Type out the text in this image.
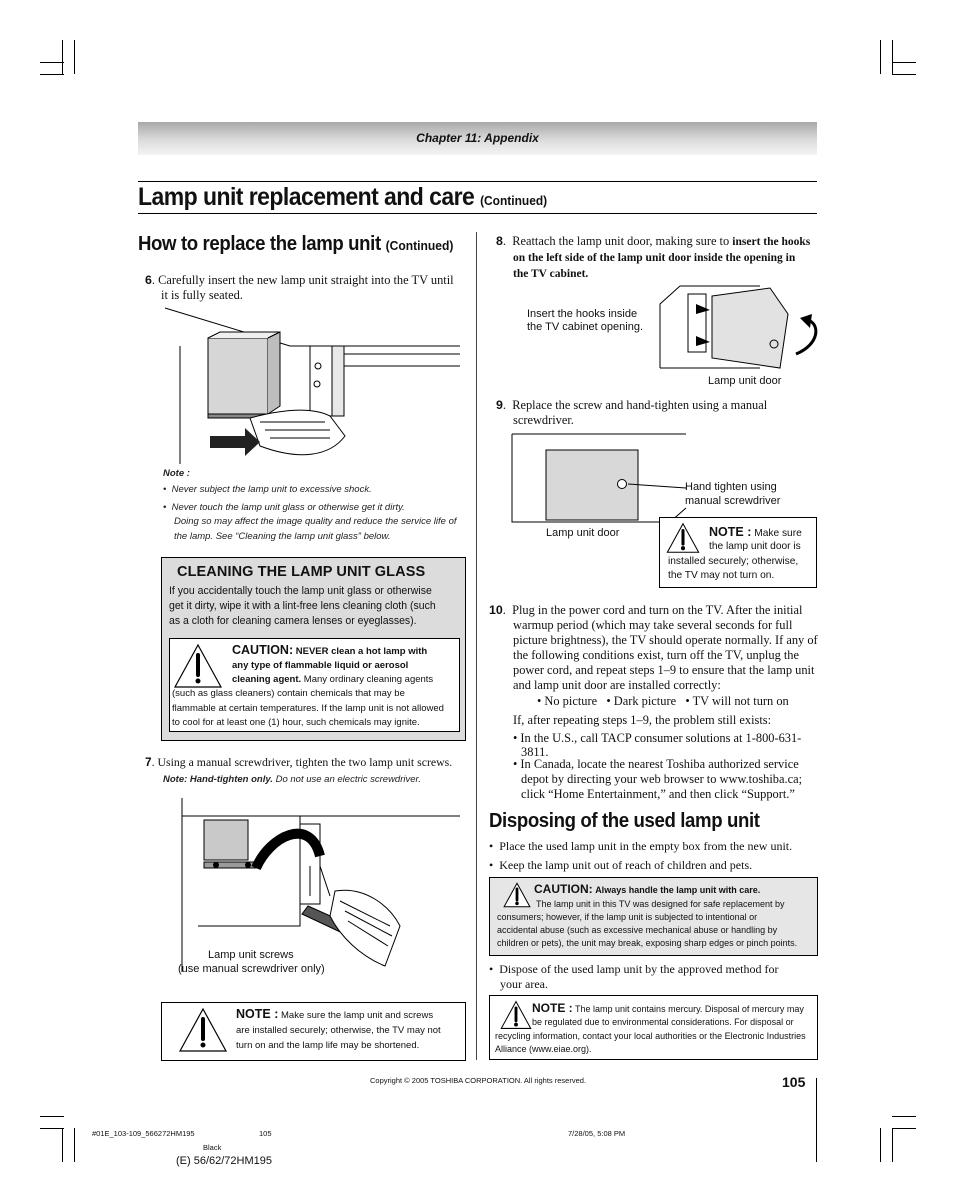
Chapter 11: Appendix
Lamp unit replacement and care (Continued)
How to replace the lamp unit (Continued)
6. Carefully insert the new lamp unit straight into the TV until
it is fully seated.
Note :
•  Never subject the lamp unit to excessive shock.
•  Never touch the lamp unit glass or otherwise get it dirty.
Doing so may affect the image quality and reduce the service life of
the lamp. See “Cleaning the lamp unit glass” below.
CLEANING THE LAMP UNIT GLASS
If you accidentally touch the lamp unit glass or otherwise
get it dirty, wipe it with a lint-free lens cleaning cloth (such
as a cloth for cleaning camera lenses or eyeglasses).
CAUTION: NEVER clean a hot lamp with
any type of flammable liquid or aerosol
cleaning agent. Many ordinary cleaning agents
(such as glass cleaners) contain chemicals that may be
flammable at certain temperatures. If the lamp unit is not allowed
to cool for at least one (1) hour, such chemicals may ignite.
7. Using a manual screwdriver, tighten the two lamp unit screws.
Note: Hand-tighten only. Do not use an electric screwdriver.
Lamp unit screws
(use manual screwdriver only)
NOTE : Make sure the lamp unit and screws
are installed securely; otherwise, the TV may not
turn on and the lamp life may be shortened.
8.  Reattach the lamp unit door, making sure to insert the hooks
on the left side of the lamp unit door inside the opening in
the TV cabinet.
Insert the hooks inside
the TV cabinet opening.
Lamp unit door
9.  Replace the screw and hand-tighten using a manual
screwdriver.
Hand tighten using
manual screwdriver
Lamp unit door	NOTE : Make sure
the lamp unit door is
installed securely; otherwise,
the TV may not turn on.
10.  Plug in the power cord and turn on the TV. After the initial
warmup period (which may take several seconds for full
picture brightness), the TV should operate normally. If any of
the following conditions exist, turn off the TV, unplug the
power cord, and repeat steps 1–9 to ensure that the lamp unit
and lamp unit door are installed correctly:
• No picture   • Dark picture   • TV will not turn on
If, after repeating steps 1–9, the problem still exists:
• In the U.S., call TACP consumer solutions at 1-800-631-
3811.
• In Canada, locate the nearest Toshiba authorized service
depot by directing your web browser to www.toshiba.ca;
click “Home Entertainment,” and then click “Support.”
Disposing of the used lamp unit
•  Place the used lamp unit in the empty box from the new unit.
•  Keep the lamp unit out of reach of children and pets.
CAUTION: Always handle the lamp unit with care.
The lamp unit in this TV was designed for safe replacement by
consumers; however, if the lamp unit is subjected to intentional or
accidental abuse (such as excessive mechanical abuse or handling by
children or pets), the unit may break, exposing sharp edges or pinch points.
•  Dispose of the used lamp unit by the approved method for
your area.
NOTE : The lamp unit contains mercury. Disposal of mercury may
be regulated due to environmental considerations. For disposal or
recycling information, contact your local authorities or the Electronic Industries
Alliance (www.eiae.org).
Copyright © 2005 TOSHIBA CORPORATION. All rights reserved.	105
#01E_103-109_566272HM195	105	7/28/05, 5:08 PM
Black
(E) 56/62/72HM195
